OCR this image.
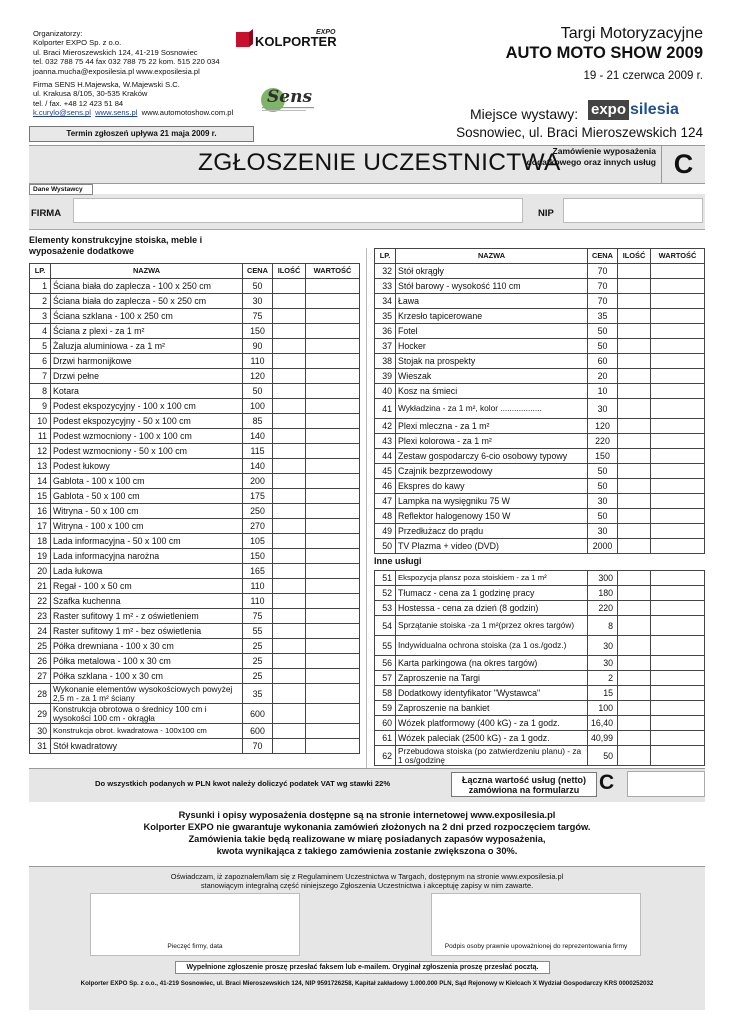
Organizatorzy:
Kolporter EXPO Sp. z o.o.
ul. Braci Mieroszewskich 124, 41-219 Sosnowiec
tel. 032 788 75 44 fax 032 788 75 22 kom. 515 220 034
joanna.mucha@exposilesia.pl www.exposilesia.pl
Firma SENS H.Majewska, W.Majewski S.C.
ul. Krakusa 8/105, 30-535 Kraków
tel. / fax. +48 12 423 51 84
k.curylo@sens.pl www.sens.pl www.automotoshow.com.pl
EXPO
KOLPORTER
Sens
Termin zgłoszeń upływa 21 maja 2009 r.
Targi Motoryzacyjne
AUTO MOTO SHOW 2009
19 - 21 czerwca 2009 r.
Miejsce wystawy: expo silesia
Sosnowiec, ul. Braci Mieroszewskich 124
ZGŁOSZENIE UCZESTNICTWA
Zamówienie wyposażenia dodatkowego oraz innych usług C
Dane Wystawcy
FIRMA	NIP
Elementy konstrukcyjne stoiska, meble i wyposażenie dodatkowe
LP.	NAZWA	CENA	ILOŚĆ	WARTOŚĆ
1	Ściana biała do zaplecza - 100 x 250 cm	50		
2	Ściana biała do zaplecza - 50 x 250 cm	30		
3	Ściana szklana - 100 x 250 cm	75		
4	Ściana z plexi - za 1 m²	150		
5	Żaluzja aluminiowa - za 1 m²	90		
6	Drzwi harmonijkowe	110		
7	Drzwi pełne	120		
8	Kotara	50		
9	Podest ekspozycyjny - 100 x 100 cm	100		
10	Podest ekspozycyjny - 50 x 100 cm	85		
11	Podest wzmocniony - 100 x 100 cm	140		
12	Podest wzmocniony - 50 x 100 cm	115		
13	Podest łukowy	140		
14	Gablota - 100 x 100 cm	200		
15	Gablota - 50 x 100 cm	175		
16	Witryna - 50 x 100 cm	250		
17	Witryna - 100 x 100 cm	270		
18	Lada informacyjna - 50 x 100 cm	105		
19	Lada informacyjna narożna	150		
20	Lada łukowa	165		
21	Regał - 100 x 50 cm	110		
22	Szafka kuchenna	110		
23	Raster sufitowy 1 m² - z oświetleniem	75		
24	Raster sufitowy 1 m² - bez oświetlenia	55		
25	Półka drewniana - 100 x 30 cm	25		
26	Półka metalowa - 100 x 30 cm	25		
27	Półka szklana - 100 x 30 cm	25		
28	Wykonanie elementów wysokościowych powyżej 2,5 m - za 1 m² ściany	35		
29	Konstrukcja obrotowa o średnicy 100 cm i wysokości 100 cm - okrągła	600		
30	Konstrukcja obrot. kwadratowa - 100x100 cm	600		
31	Stół kwadratowy	70		
LP.	NAZWA	CENA	ILOŚĆ	WARTOŚĆ
32	Stół okrągły	70		
33	Stół barowy - wysokość 110 cm	70		
34	Ława	70		
35	Krzesło tapicerowane	35		
36	Fotel	50		
37	Hocker	50		
38	Stojak na prospekty	60		
39	Wieszak	20		
40	Kosz na śmieci	10		
41	Wykładzina - za 1 m², kolor ..................	30		
42	Plexi mleczna - za 1 m²	120		
43	Plexi kolorowa - za 1 m²	220		
44	Zestaw gospodarczy 6-cio osobowy typowy	150		
45	Czajnik bezprzewodowy	50		
46	Ekspres do kawy	50		
47	Lampka na wysięgniku 75 W	30		
48	Reflektor halogenowy 150 W	50		
49	Przedłużacz do prądu	30		
50	TV Plazma + video (DVD)	2000		
Inne usługi
51	Ekspozycja plansz poza stoiskiem - za 1 m²	300		
52	Tłumacz - cena za 1 godzinę pracy	180		
53	Hostessa - cena za dzień (8 godzin)	220		
54	Sprzątanie stoiska -za 1 m²(przez okres targów)	8		
55	Indywidualna ochrona stoiska (za 1 os./godz.)	30		
56	Karta parkingowa (na okres targów)	30		
57	Zaproszenie na Targi	2		
58	Dodatkowy identyfikator "Wystawca"	15		
59	Zaproszenie na bankiet	100		
60	Wózek platformowy (400 kG) - za 1 godz.	16,40		
61	Wózek paleciak (2500 kG) - za 1 godz.	40,99		
62	Przebudowa stoiska (po zatwierdzeniu planu) - za 1 os/godzinę	50		
Do wszystkich podanych w PLN kwot należy doliczyć podatek VAT wg stawki 22%	Łączna wartość usług (netto) zamówiona na formularzu C
Rysunki i opisy wyposażenia dostępne są na stronie internetowej www.exposilesia.pl
Kolporter EXPO nie gwarantuje wykonania zamówień złożonych na 2 dni przed rozpoczęciem targów.
Zamówienia takie będą realizowane w miarę posiadanych zapasów wyposażenia,
kwota wynikająca z takiego zamówienia zostanie zwiększona o 30%.
Oświadczam, iż zapoznałem/łam się z Regulaminem Uczestnictwa w Targach, dostępnym na stronie www.exposilesia.pl
stanowiącym integralną część niniejszego Zgłoszenia Uczestnictwa i akceptuję zapisy w nim zawarte.
Pieczęć firmy, data	Podpis osoby prawnie upoważnionej do reprezentowania firmy
Wypełnione zgłoszenie proszę przesłać faksem lub e-mailem. Oryginał zgłoszenia proszę przesłać pocztą.
Kolporter EXPO Sp. z o.o., 41-219 Sosnowiec, ul. Braci Mieroszewskich 124, NIP 9591726258, Kapitał zakładowy 1.000.000 PLN, Sąd Rejonowy w Kielcach X Wydział Gospodarczy KRS 0000252032
